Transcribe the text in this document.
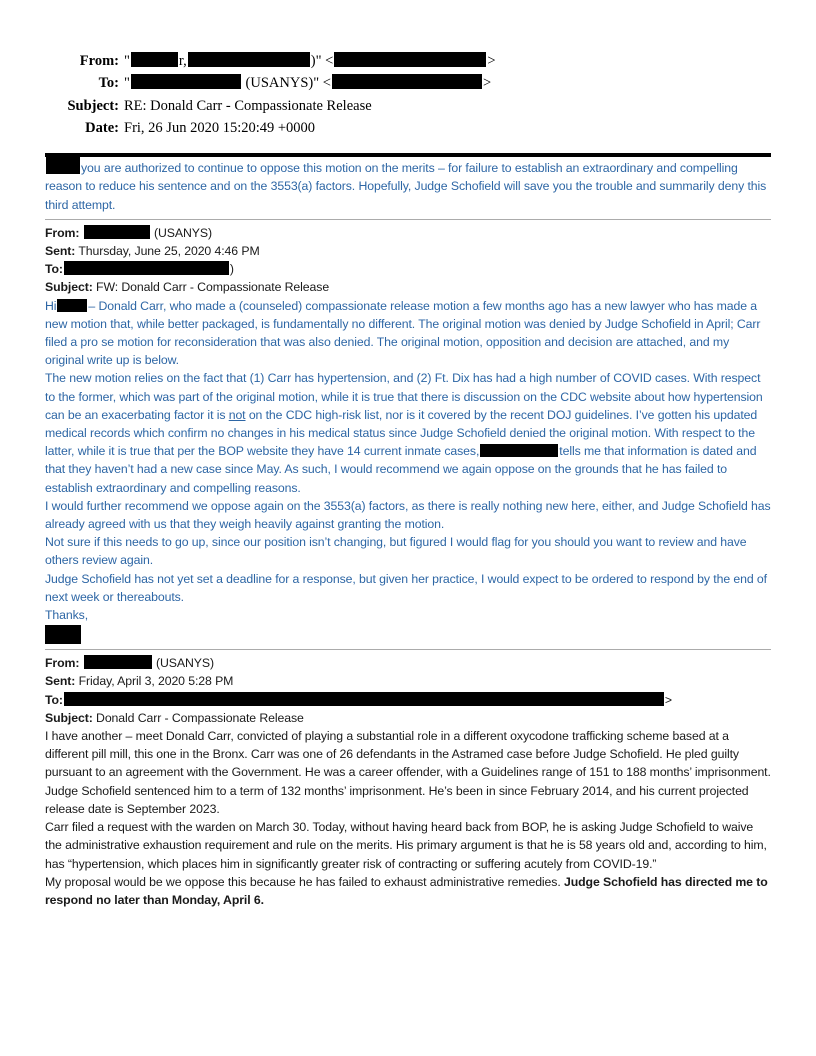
From: "	r,	)" <	>
To: "	(USANYS)" <	>
Subject: RE: Donald Carr - Compassionate Release
Date: Fri, 26 Jun 2020 15:20:49 +0000
you are authorized to continue to oppose this motion on the merits – for failure to establish an extraordinary and compelling reason to reduce his sentence and on the 3553(a) factors. Hopefully, Judge Schofield will save you the trouble and summarily deny this third attempt.
From:	(USANYS)
Sent: Thursday, June 25, 2020 4:46 PM
To:	)
Subject: FW: Donald Carr - Compassionate Release
Hi	– Donald Carr, who made a (counseled) compassionate release motion a few months ago has a new lawyer who has made a new motion that, while better packaged, is fundamentally no different. The original motion was denied by Judge Schofield in April; Carr filed a pro se motion for reconsideration that was also denied. The original motion, opposition and decision are attached, and my original write up is below.
The new motion relies on the fact that (1) Carr has hypertension, and (2) Ft. Dix has had a high number of COVID cases. With respect to the former, which was part of the original motion, while it is true that there is discussion on the CDC website about how hypertension can be an exacerbating factor it is not on the CDC high-risk list, nor is it covered by the recent DOJ guidelines. I’ve gotten his updated medical records which confirm no changes in his medical status since Judge Schofield denied the original motion. With respect to the latter, while it is true that per the BOP website they have 14 current inmate cases,	tells me that information is dated and that they haven’t had a new case since May. As such, I would recommend we again oppose on the grounds that he has failed to establish extraordinary and compelling reasons.
I would further recommend we oppose again on the 3553(a) factors, as there is really nothing new here, either, and Judge Schofield has already agreed with us that they weigh heavily against granting the motion.
Not sure if this needs to go up, since our position isn’t changing, but figured I would flag for you should you want to review and have others review again.
Judge Schofield has not yet set a deadline for a response, but given her practice, I would expect to be ordered to respond by the end of next week or thereabouts.
Thanks,
From:	(USANYS)
Sent: Friday, April 3, 2020 5:28 PM
To:	>
Subject: Donald Carr - Compassionate Release
I have another – meet Donald Carr, convicted of playing a substantial role in a different oxycodone trafficking scheme based at a different pill mill, this one in the Bronx. Carr was one of 26 defendants in the Astramed case before Judge Schofield. He pled guilty pursuant to an agreement with the Government. He was a career offender, with a Guidelines range of 151 to 188 months’ imprisonment. Judge Schofield sentenced him to a term of 132 months’ imprisonment. He’s been in since February 2014, and his current projected release date is September 2023.
Carr filed a request with the warden on March 30. Today, without having heard back from BOP, he is asking Judge Schofield to waive the administrative exhaustion requirement and rule on the merits. His primary argument is that he is 58 years old and, according to him, has “hypertension, which places him in significantly greater risk of contracting or suffering acutely from COVID-19.”
My proposal would be we oppose this because he has failed to exhaust administrative remedies. Judge Schofield has directed me to respond no later than Monday, April 6.
